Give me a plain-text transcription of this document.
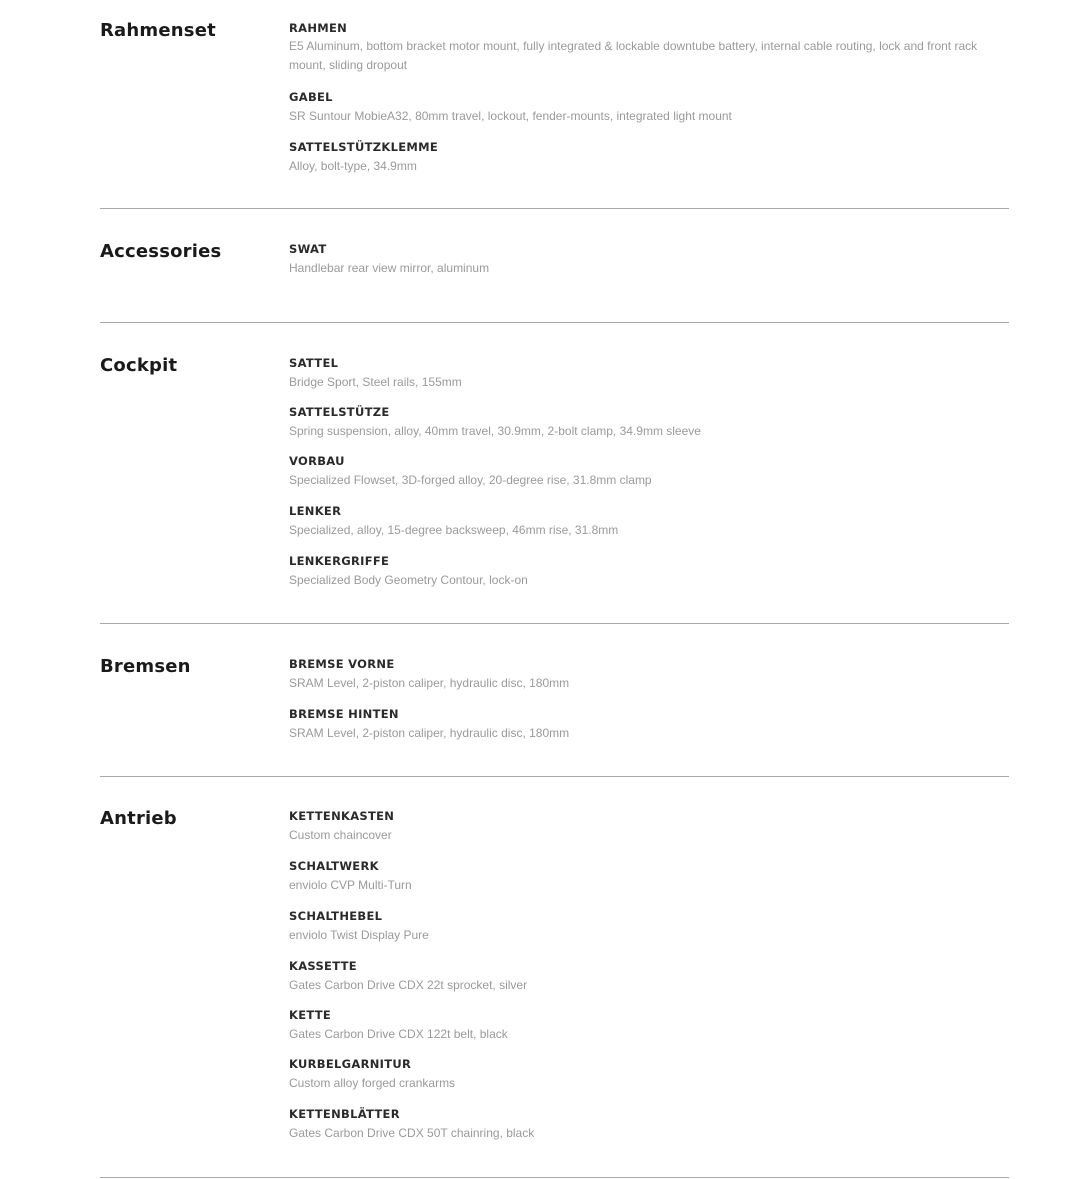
Rahmenset	RAHMEN
E5 Aluminum, bottom bracket motor mount, fully integrated & lockable downtube battery, internal cable routing, lock and front rack mount, sliding dropout
GABEL
SR Suntour MobieA32, 80mm travel, lockout, fender-mounts, integrated light mount
SATTELSTÜTZKLEMME
Alloy, bolt-type, 34.9mm
Accessories	SWAT
Handlebar rear view mirror, aluminum
Cockpit	SATTEL
Bridge Sport, Steel rails, 155mm
SATTELSTÜTZE
Spring suspension, alloy, 40mm travel, 30.9mm, 2-bolt clamp, 34.9mm sleeve
VORBAU
Specialized Flowset, 3D-forged alloy, 20-degree rise, 31.8mm clamp
LENKER
Specialized, alloy, 15-degree backsweep, 46mm rise, 31.8mm
LENKERGRIFFE
Specialized Body Geometry Contour, lock-on
Bremsen	BREMSE VORNE
SRAM Level, 2-piston caliper, hydraulic disc, 180mm
BREMSE HINTEN
SRAM Level, 2-piston caliper, hydraulic disc, 180mm
Antrieb	KETTENKASTEN
Custom chaincover
SCHALTWERK
enviolo CVP Multi-Turn
SCHALTHEBEL
enviolo Twist Display Pure
KASSETTE
Gates Carbon Drive CDX 22t sprocket, silver
KETTE
Gates Carbon Drive CDX 122t belt, black
KURBELGARNITUR
Custom alloy forged crankarms
KETTENBLÄTTER
Gates Carbon Drive CDX 50T chainring, black
